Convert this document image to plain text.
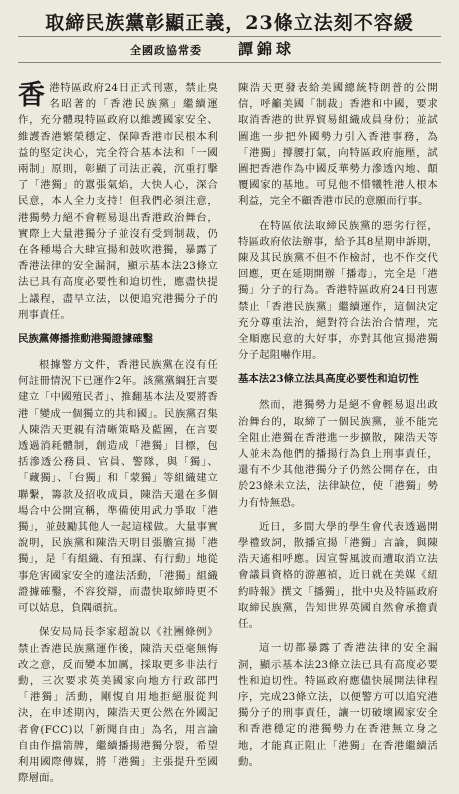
取締民族黨彰顯正義，23條立法刻不容緩
全國政協常委 譚錦球

香港特區政府24日正式刊憲，禁止臭名昭著的「香港民族黨」繼續運作，充分體現特區政府以維護國家安全、維護香港繁榮穩定、保障香港市民根本利益的堅定決心，完全符合基本法和「一國兩制」原則，彰顯了司法正義，沉重打擊了「港獨」的囂張氣焰，大快人心，深合民意，本人全力支持！但我們必須注意，港獨勢力絕不會輕易退出香港政治舞台，實際上大量港獨分子並沒有受到制裁，仍在各種場合大肆宣揚和鼓吹港獨，暴露了香港法律的安全漏洞，顯示基本法23條立法已具有高度必要性和迫切性，應盡快提上議程，盡早立法，以便追究港獨分子的刑事責任。

民族黨傳播推動港獨證據確鑿

根據警方文件，香港民族黨在沒有任何註冊情況下已運作2年。該黨黨綱狂言要建立「中國殖民者」、推翻基本法及要將香港「變成一個獨立的共和國」。民族黨召集人陳浩天更親有清晰策略及藍圖，在言要透過消耗體制，創造成「港獨」目標，包括滲透公務員、官員、警隊，與「獨」、「藏獨」、「台獨」和「蒙獨」等組織建立聯繫，籌款及招收成員，陳浩天還在多個場合中公開宣稱，準備使用武力爭取「港獨」，並鼓勵其他人一起這樣做。大量事實說明，民族黨和陳浩天明目張膽宣揚「港獨」，是「有組織、有預謀、有行動」地從事危害國家安全的違法活動，「港獨」組織證據確鑿，不容狡辯，而盡快取締時更不可以姑息，負隅頑抗。

保安局局長李家超說以《社團條例》禁止香港民族黨運作後，陳浩天亞毫無悔改之意，反而變本加厲，採取更多非法行動，三次要求英美國家向地方行政部門「港獨」活動，剛愎自用地拒絕服從判決，在申述期內，陳浩天更公然在外國記者會(FCC)以「新聞自由」為名，用言論自由作擋箭牌，繼續播揚港獨分裂，希望利用國際傳媒，將「港獨」主張提升至國際層面。

陳浩天更發表給美國總統特朗普的公開信，呼籲美國「制裁」香港和中國，要求取消香港的世界貿易組織成員身份；並試圖進一步把外國勢力引入香港事務，為「港獨」撐腰打氣，向特區政府施壓，試圖把香港作為中國反華勢力滲透內地、顛覆國家的基地。可見他不惜犧牲港人根本利益，完全不顧香港市民的意願而行事。

在特區依法取締民族黨的惡劣行徑，特區政府依法辦事，給予其8星期申訴期，陳及其民族黨不但不作檢討，也不作交代回應，更在延期開辦「播毒」，完全是「港獨」分子的行為。香港特區政府24日刊憲禁止「香港民族黨」繼續運作，這個決定充分尊重法治，絕對符合法治合情理，完全順應民意的大好事，亦對其他宣揚港獨分子起阻嚇作用。

基本法23條立法具高度必要性和迫切性

然而，港獨勢力是絕不會輕易退出政治舞台的，取締了一個民族黨，並不能完全阻止港獨在香港進一步擴散，陳浩天等人並未為他們的播揚行為負上刑事責任，還有不少其他港獨分子仍然公開存在，由於23條未立法，法律缺位，使「港獨」勢力有恃無恐。

近日，多間大學的學生會代表透過開學禮致詞，散播宣揚「港獨」言論，與陳浩天遙相呼應。因宣誓風波而遭取消立法會議員資格的游蕙禎，近日就在美媒《紐約時報》撰文「播獨」，批中央及特區政府取締民族黨，告知世界英國自然會承擔責任。

這一切都暴露了香港法律的安全漏洞，顯示基本法23條立法已具有高度必要性和迫切性。特區政府應儘快展開法律程序，完成23條立法，以便警方可以追究港獨分子的刑事責任，讓一切破壞國家安全和香港穩定的港獨勢力在香港無立身之地，才能真正阻止「港獨」在香港繼續活動。
